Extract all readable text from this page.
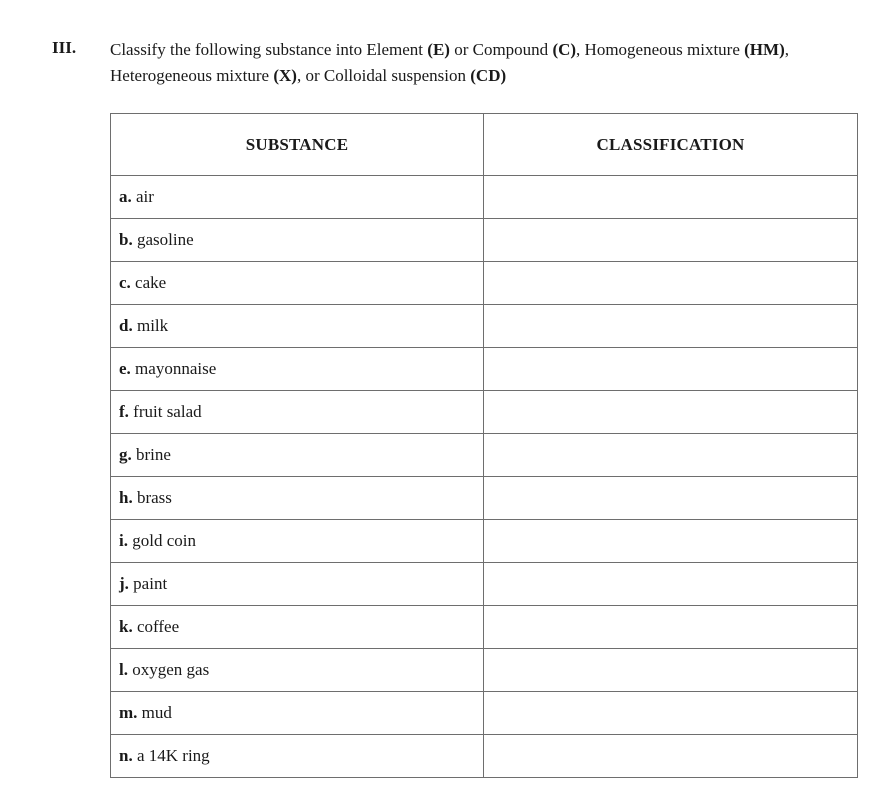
III. Classify the following substance into Element (E) or Compound (C), Homogeneous mixture (HM), Heterogeneous mixture (X), or Colloidal suspension (CD)
SUBSTANCE	CLASSIFICATION
a. air	
b. gasoline	
c. cake	
d. milk	
e. mayonnaise	
f. fruit salad	
g. brine	
h. brass	
i. gold coin	
j. paint	
k. coffee	
l. oxygen gas	
m. mud	
n. a 14K ring	
